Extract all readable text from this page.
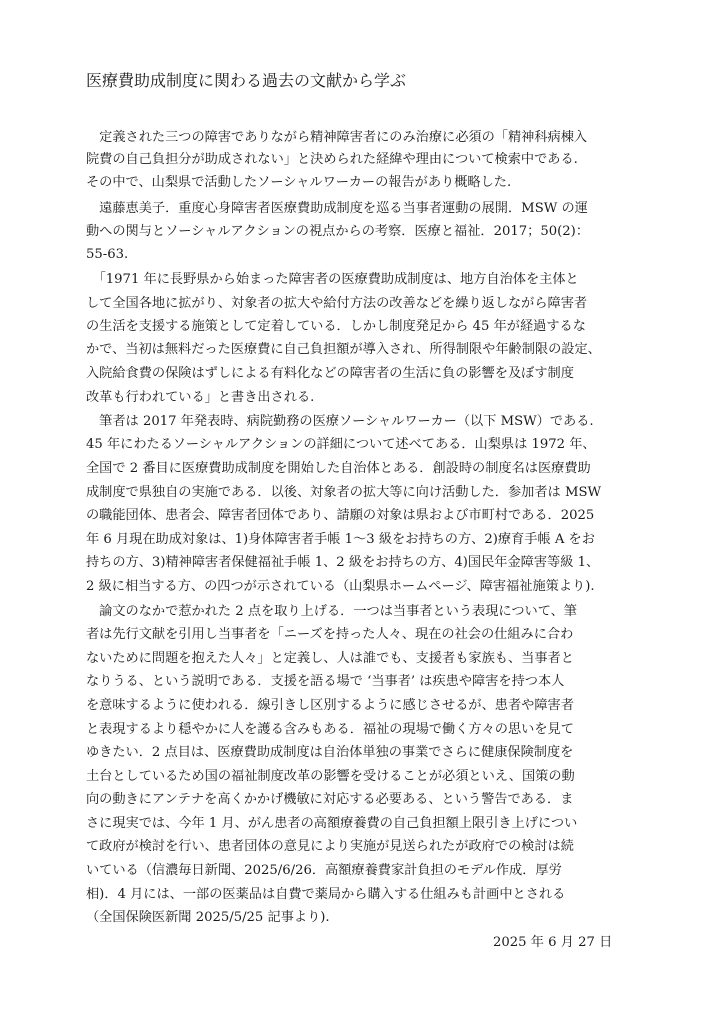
医療費助成制度に関わる過去の文献から学ぶ
　定義された三つの障害でありながら精神障害者にのみ治療に必須の「精神科病棟入
院費の自己負担分が助成されない」と決められた経緯や理由について検索中である.
その中で、山梨県で活動したソーシャルワーカーの報告があり概略した.
　遠藤恵美子．重度心身障害者医療費助成制度を巡る当事者運動の展開．MSW の運
動への関与とソーシャルアクションの視点からの考察．医療と福祉．2017；50(2)：
55-63.
　「1971 年に長野県から始まった障害者の医療費助成制度は、地方自治体を主体と
して全国各地に拡がり、対象者の拡大や給付方法の改善などを繰り返しながら障害者
の生活を支援する施策として定着している．しかし制度発足から 45 年が経過するな
かで、当初は無料だった医療費に自己負担額が導入され、所得制限や年齢制限の設定、
入院給食費の保険はずしによる有料化などの障害者の生活に負の影響を及ぼす制度
改革も行われている」と書き出される.
　筆者は 2017 年発表時、病院勤務の医療ソーシャルワーカー（以下 MSW）である.
45 年にわたるソーシャルアクションの詳細について述べてある．山梨県は 1972 年、
全国で 2 番目に医療費助成制度を開始した自治体とある．創設時の制度名は医療費助
成制度で県独自の実施である．以後、対象者の拡大等に向け活動した．参加者は MSW
の職能団体、患者会、障害者団体であり、請願の対象は県および市町村である．2025
年 6 月現在助成対象は、1)身体障害者手帳 1〜3 級をお持ちの方、2)療育手帳 A をお
持ちの方、3)精神障害者保健福祉手帳 1、2 級をお持ちの方、4)国民年金障害等級 1、
2 級に相当する方、の四つが示されている（山梨県ホームページ、障害福祉施策より).
　論文のなかで惹かれた 2 点を取り上げる．一つは当事者という表現について、筆
者は先行文献を引用し当事者を「ニーズを持った人々、現在の社会の仕組みに合わ
ないために問題を抱えた人々」と定義し、人は誰でも、支援者も家族も、当事者と
なりうる、という説明である．支援を語る場で ‘当事者’ は疾患や障害を持つ本人
を意味するように使われる．線引きし区別するように感じさせるが、患者や障害者
と表現するより穏やかに人を護る含みもある．福祉の現場で働く方々の思いを見て
ゆきたい．2 点目は、医療費助成制度は自治体単独の事業でさらに健康保険制度を
土台としているため国の福祉制度改革の影響を受けることが必須といえ、国策の動
向の動きにアンテナを高くかかげ機敏に対応する必要ある、という警告である．ま
さに現実では、今年 1 月、がん患者の高額療養費の自己負担額上限引き上げについ
て政府が検討を行い、患者団体の意見により実施が見送られたが政府での検討は続
いている（信濃毎日新聞、2025/6/26．高額療養費家計負担のモデル作成．厚労
相)．4 月には、一部の医薬品は自費で薬局から購入する仕組みも計画中とされる
（全国保険医新聞 2025/5/25 記事より).
2025 年 6 月 27 日
